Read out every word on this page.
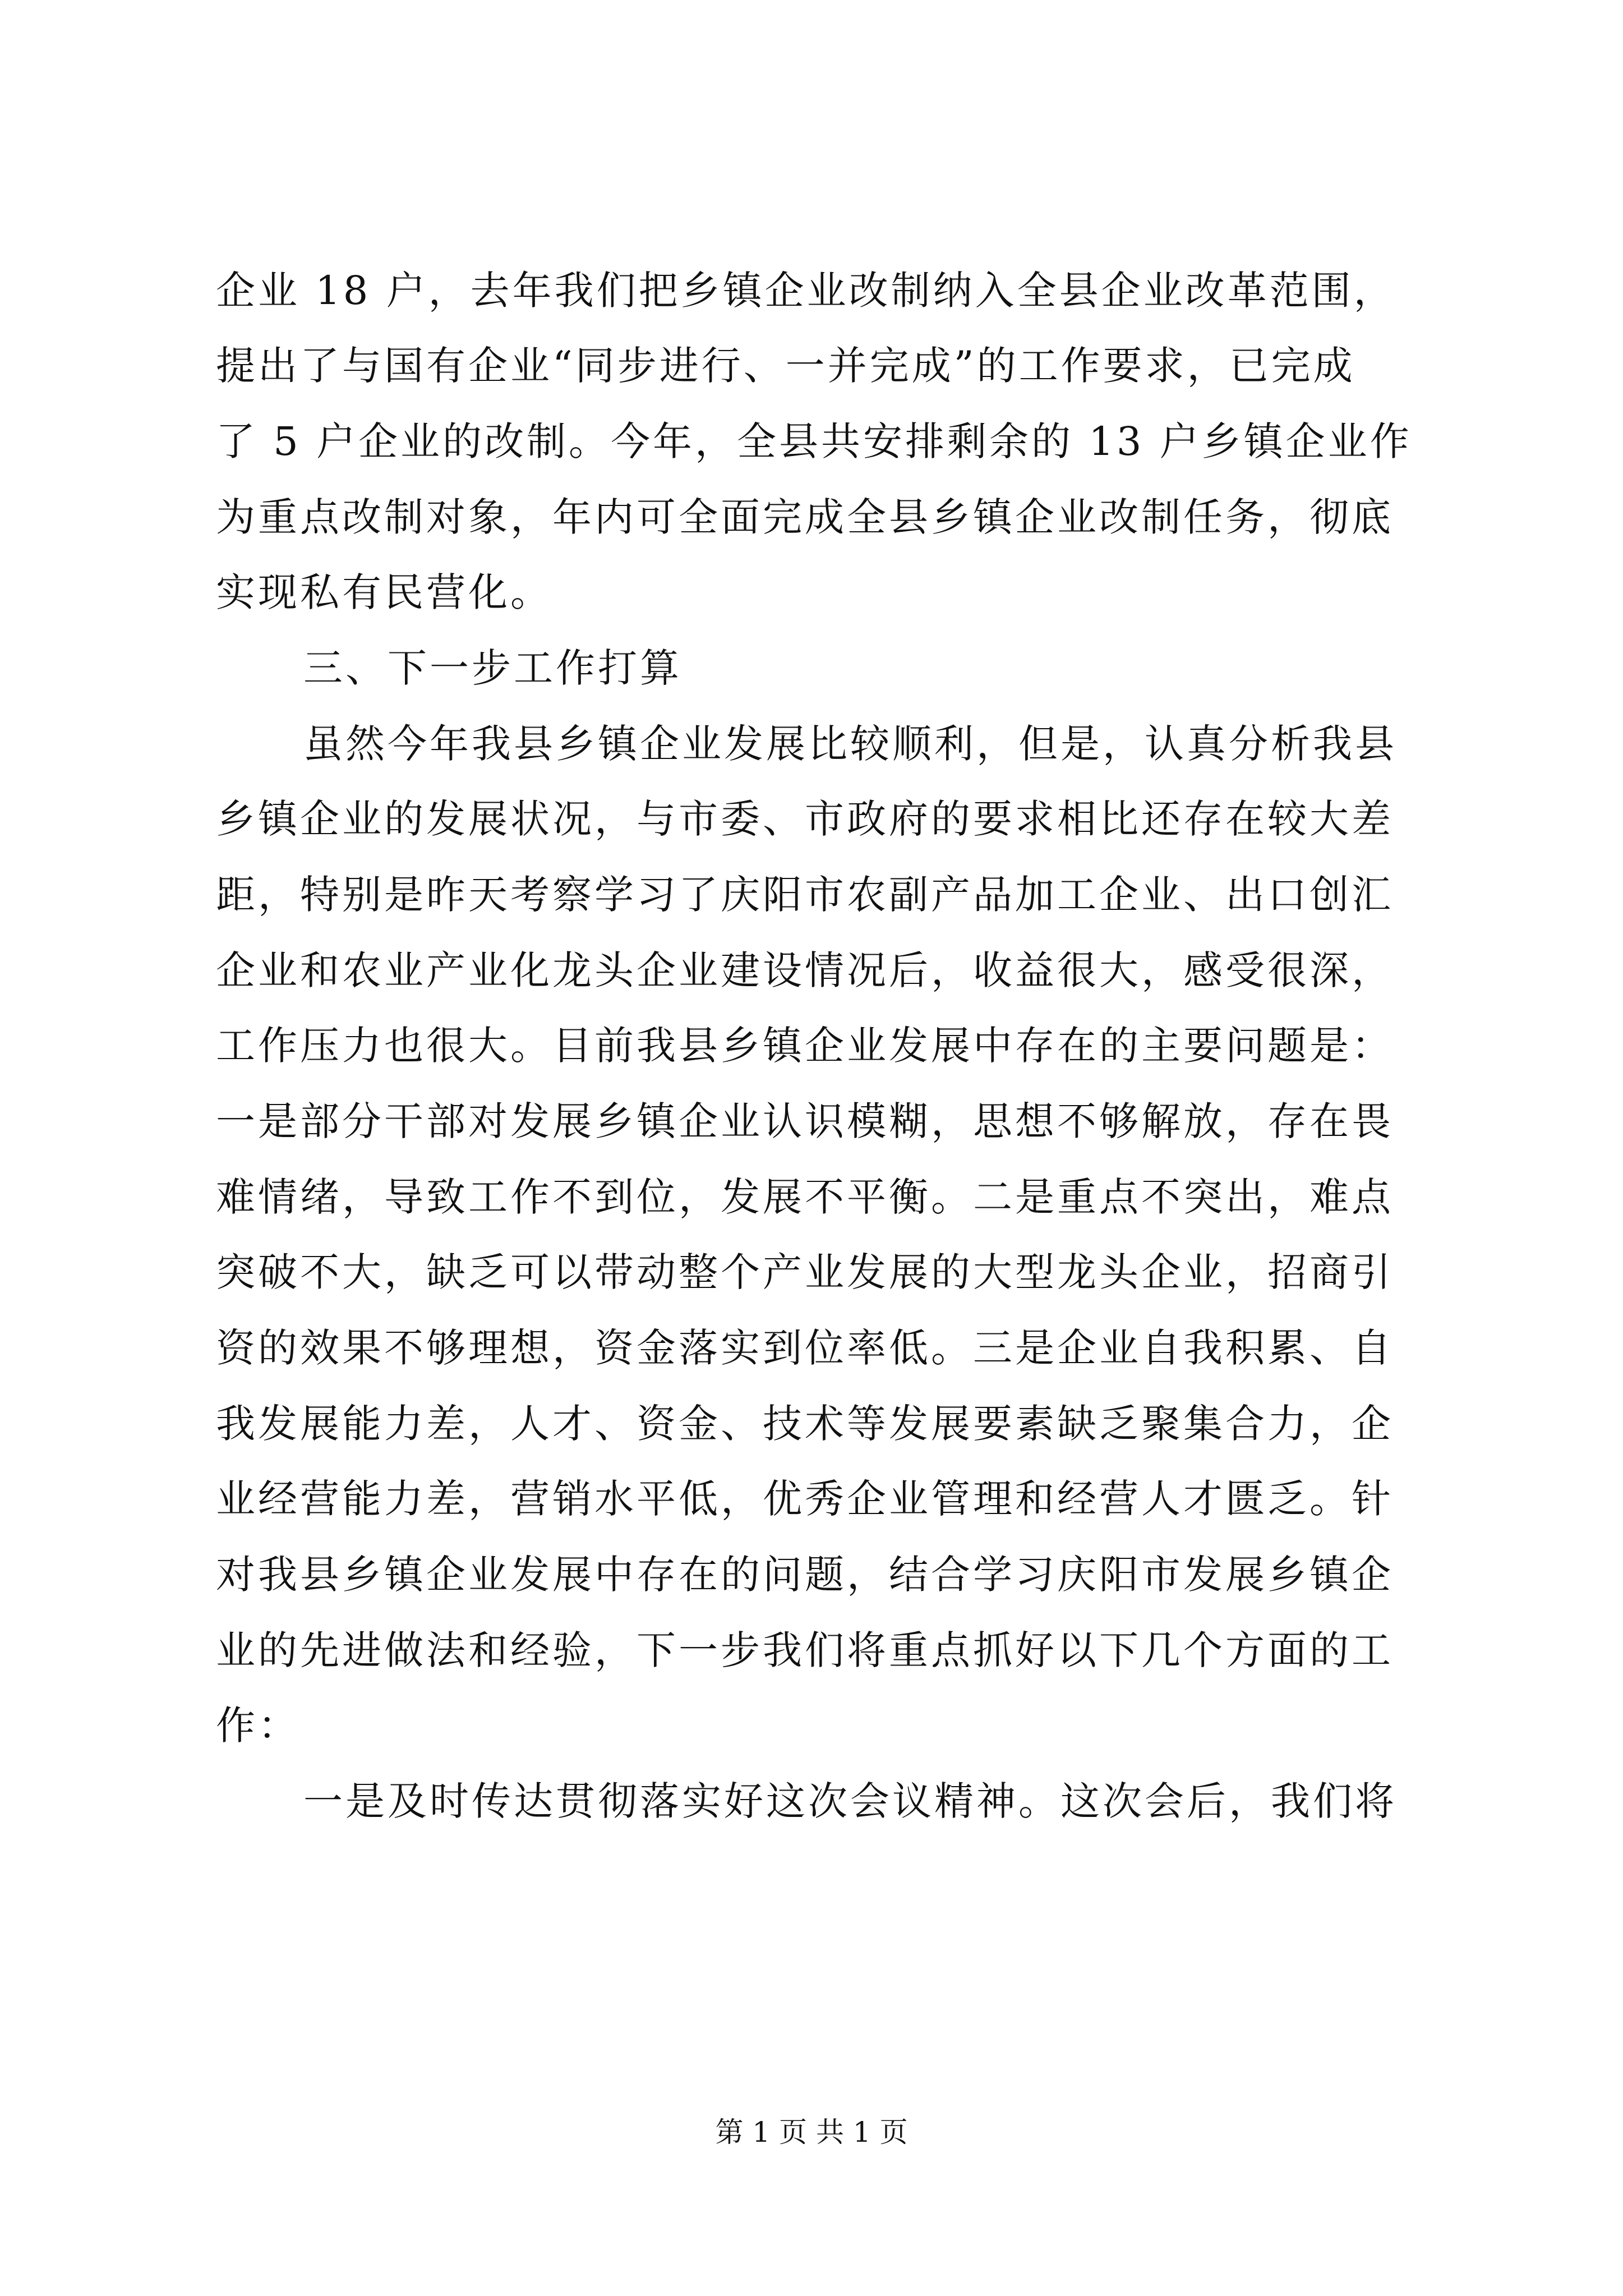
企业 18 户，去年我们把乡镇企业改制纳入全县企业改革范围，
提出了与国有企业“同步进行、一并完成”的工作要求，已完成
了 5 户企业的改制。今年，全县共安排剩余的 13 户乡镇企业作
为重点改制对象，年内可全面完成全县乡镇企业改制任务，彻底
实现私有民营化。
三、下一步工作打算
虽然今年我县乡镇企业发展比较顺利，但是，认真分析我县
乡镇企业的发展状况，与市委、市政府的要求相比还存在较大差
距，特别是昨天考察学习了庆阳市农副产品加工企业、出口创汇
企业和农业产业化龙头企业建设情况后，收益很大，感受很深，
工作压力也很大。目前我县乡镇企业发展中存在的主要问题是：
一是部分干部对发展乡镇企业认识模糊，思想不够解放，存在畏
难情绪，导致工作不到位，发展不平衡。二是重点不突出，难点
突破不大，缺乏可以带动整个产业发展的大型龙头企业，招商引
资的效果不够理想，资金落实到位率低。三是企业自我积累、自
我发展能力差，人才、资金、技术等发展要素缺乏聚集合力，企
业经营能力差，营销水平低，优秀企业管理和经营人才匮乏。针
对我县乡镇企业发展中存在的问题，结合学习庆阳市发展乡镇企
业的先进做法和经验，下一步我们将重点抓好以下几个方面的工
作：
一是及时传达贯彻落实好这次会议精神。这次会后，我们将
第 1 页 共 1 页
